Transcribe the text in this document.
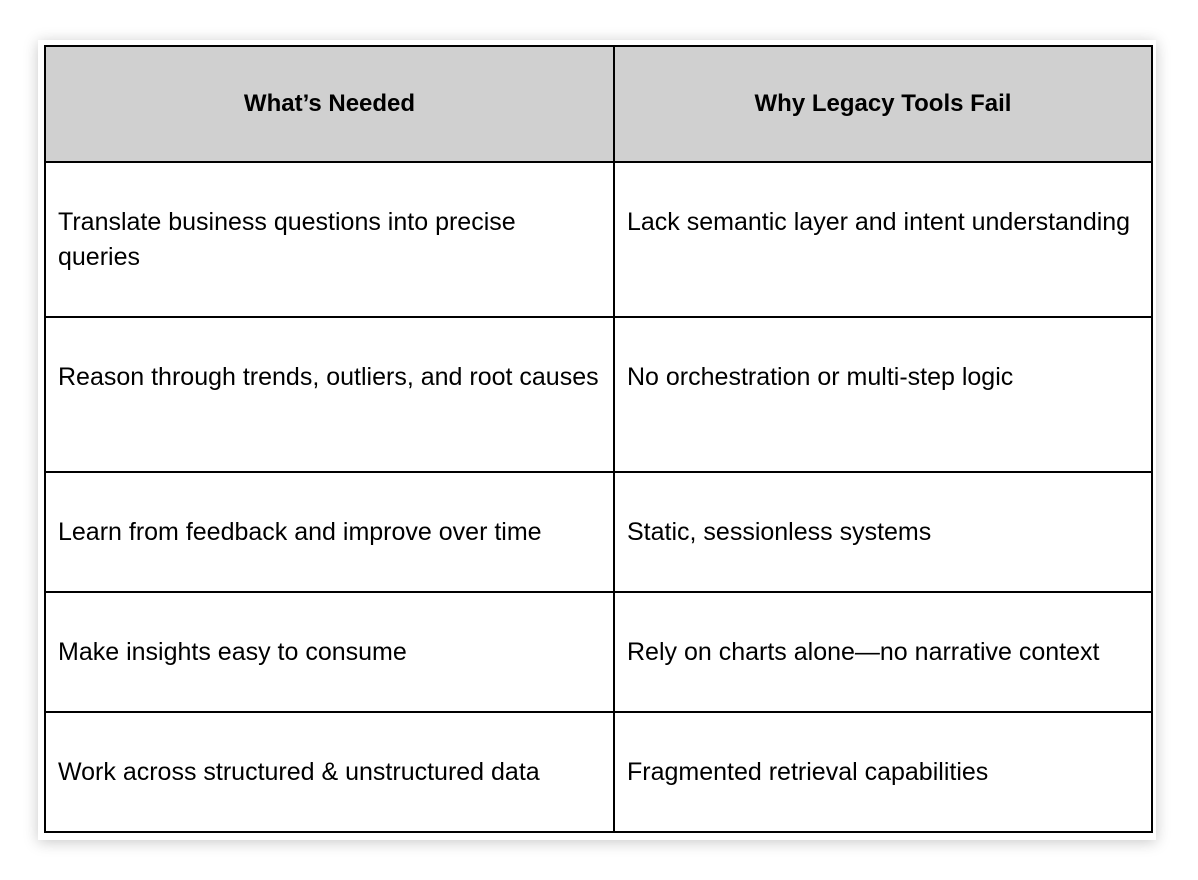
What’s Needed	Why Legacy Tools Fail
Translate business questions into precise queries	Lack semantic layer and intent understanding
Reason through trends, outliers, and root causes	No orchestration or multi-step logic
Learn from feedback and improve over time	Static, sessionless systems
Make insights easy to consume	Rely on charts alone—no narrative context
Work across structured & unstructured data	Fragmented retrieval capabilities
